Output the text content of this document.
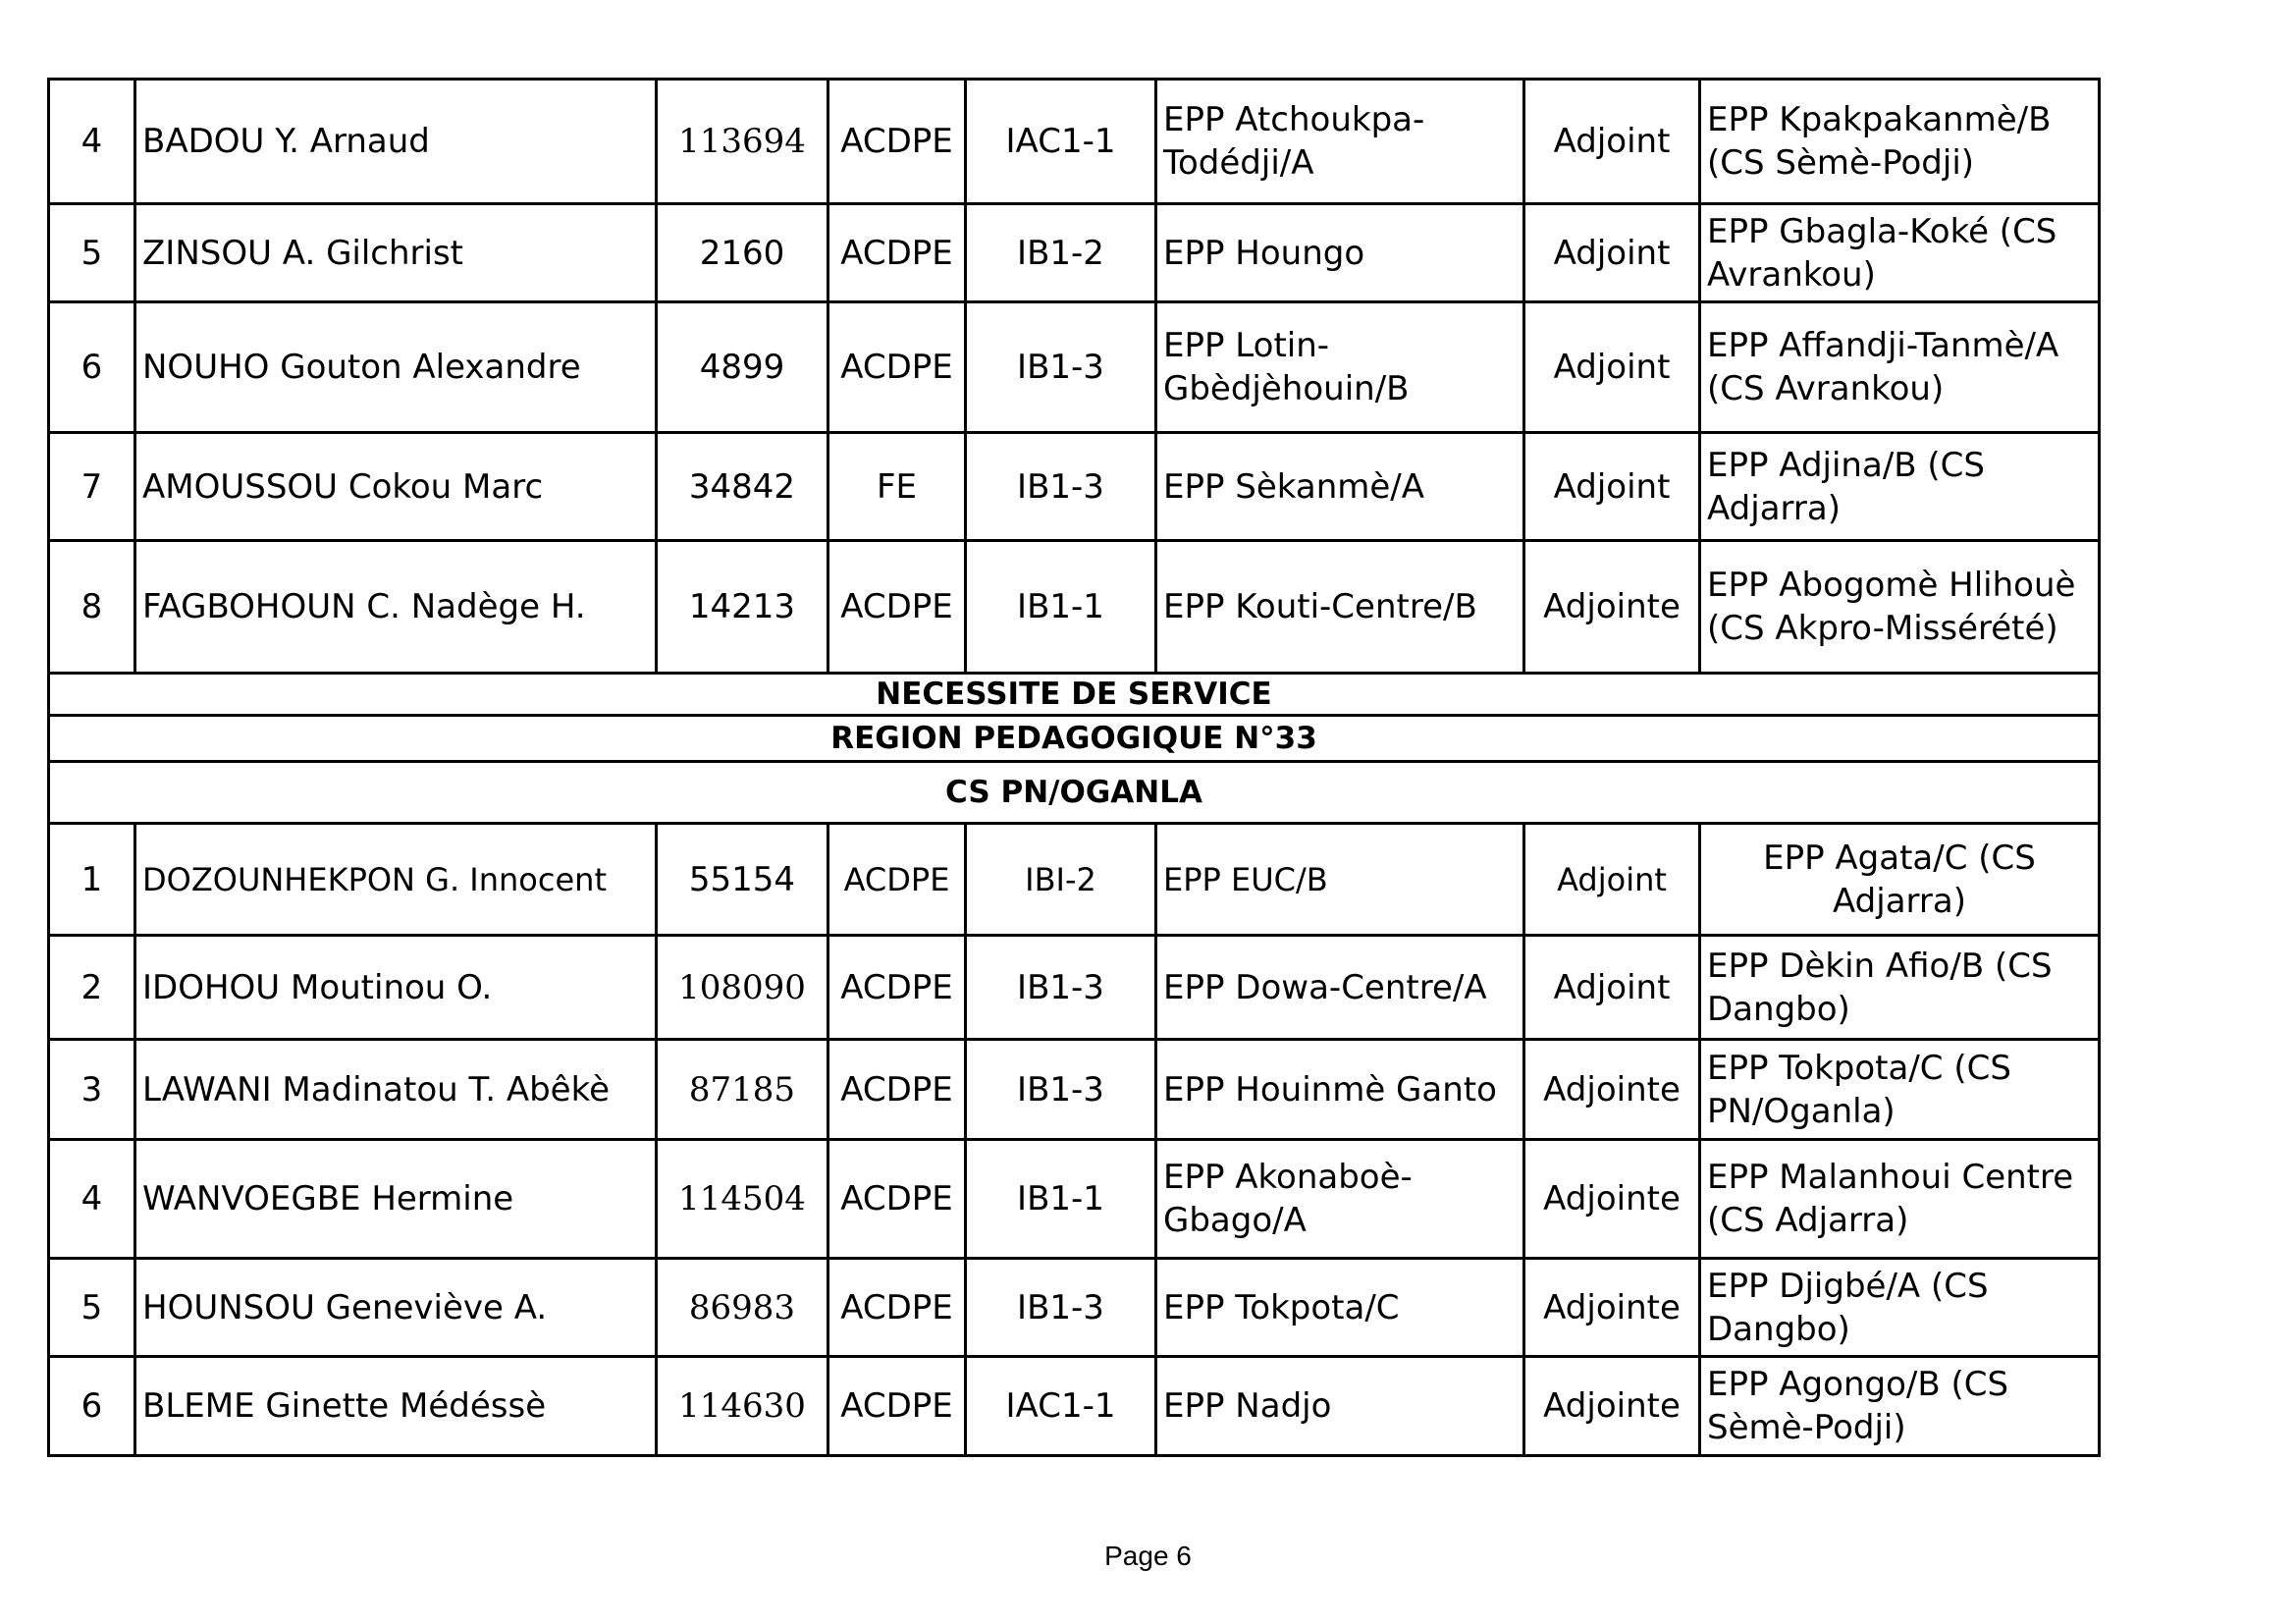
4	BADOU Y. Arnaud	113694	ACDPE	IAC1-1	EPP Atchoukpa-Todédji/A	Adjoint	EPP Kpakpakanmè/B (CS Sèmè-Podji)
5	ZINSOU A. Gilchrist	2160	ACDPE	IB1-2	EPP Houngo	Adjoint	EPP Gbagla-Koké (CS Avrankou)
6	NOUHO Gouton Alexandre	4899	ACDPE	IB1-3	EPP Lotin-Gbèdjèhouin/B	Adjoint	EPP Affandji-Tanmè/A (CS Avrankou)
7	AMOUSSOU Cokou Marc	34842	FE	IB1-3	EPP Sèkanmè/A	Adjoint	EPP Adjina/B (CS Adjarra)
8	FAGBOHOUN C. Nadège H.	14213	ACDPE	IB1-1	EPP Kouti-Centre/B	Adjointe	EPP Abogomè Hlihouè (CS Akpro-Missérété)
NECESSITE DE SERVICE							
REGION PEDAGOGIQUE N°33							
CS PN/OGANLA							
1	DOZOUNHEKPON G. Innocent	55154	ACDPE	IBI-2	EPP EUC/B	Adjoint	EPP Agata/C (CS Adjarra)
2	IDOHOU Moutinou O.	108090	ACDPE	IB1-3	EPP Dowa-Centre/A	Adjoint	EPP Dèkin Afio/B (CS Dangbo)
3	LAWANI Madinatou T. Abêkè	87185	ACDPE	IB1-3	EPP Houinmè Ganto	Adjointe	EPP Tokpota/C (CS PN/Oganla)
4	WANVOEGBE Hermine	114504	ACDPE	IB1-1	EPP Akonaboè-Gbago/A	Adjointe	EPP Malanhoui Centre (CS Adjarra)
5	HOUNSOU Geneviève A.	86983	ACDPE	IB1-3	EPP Tokpota/C	Adjointe	EPP Djigbé/A (CS Dangbo)
6	BLEME Ginette Médéssè	114630	ACDPE	IAC1-1	EPP Nadjo	Adjointe	EPP Agongo/B (CS Sèmè-Podji)
Page 6
